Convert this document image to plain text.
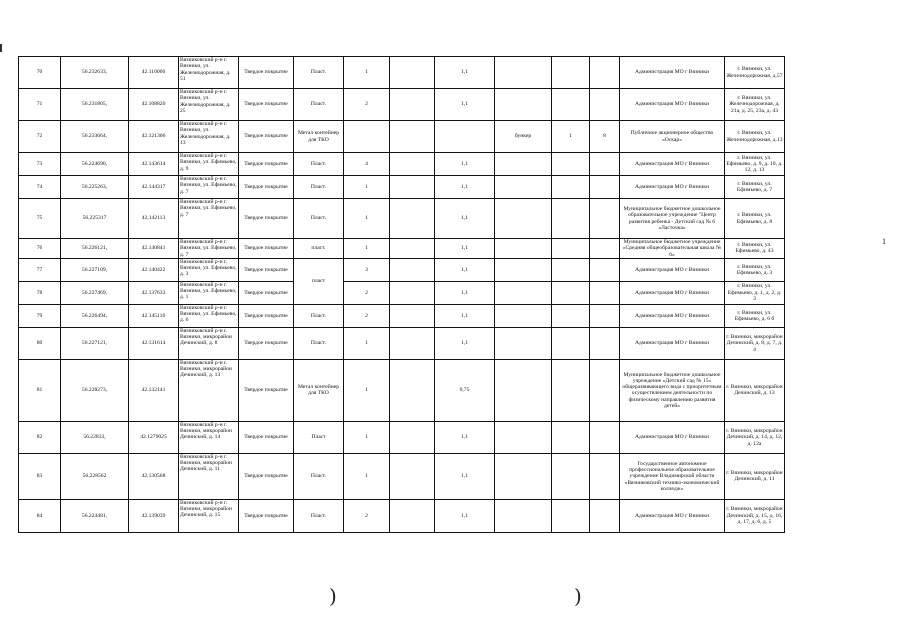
1
70	56.232633,	42.110060	Вязниковский р-н г. Вязники, ул. Железнодорожная, д. 51	Твердое покрытие	Пласт.	1		1,1				Администрация МО г Вязники	г. Вязники, ул. Железнодорожная, д.57
71	56.231805,	42.108820	Вязниковский р-н г. Вязники, ул. Железнодорожная, д. 25	Твердое покрытие	Пласт.	2		1,1				Администрация МО г Вязники	г. Вязники, ул. Железнодорожная, д. 21а, д. 25, 23а, д. 43
72	56.233664,	42.121306	Вязниковский р-н г. Вязники, ул. Железнодорожная, д. 13	Твердое покрытие	Метал контейнер для ТКО				бункер	1	8	Публичное акционерное общество «Оскар»	г. Вязники, ул. Железнодорожная, д.13
73	56.224690,	42.143614	Вязниковский р-н г. Вязники, ул. Ефимьево, д. 9	Твердое покрытие	Пласт.	4		1,1				Администрация МО г Вязники	г. Вязники, ул. Ефимьево, д. 9, д. 10, д. 12, д. 13
74	56.225263,	42.144317	Вязниковский р-н г. Вязники, ул. Ефимьево, д. 7	Твердое покрытие	Пласт.	1		1,1				Администрация МО г Вязники	г. Вязники, ул. Ефимьево, д. 7
75	56,225317	42,142113	Вязниковский р-н г. Вязники, ул. Ефимьево, д. 7	Твердое покрытие	Пласт.	1		1,1				Муниципальное бюджетное дошкольное образовательное учреждение "Центр развития ребенка - Детский сад № 6 «Ласточка»	г. Вязники, ул. Ефимьево, д. 8
76	56.226121,	42.140841	Вязниковский р-н г. Вязники, ул. Ефимьево, д. 7	Твердое покрытие	пласт.	1		1,1				Муниципальное бюджетное учреждение «Средняя общеобразовательная школа № 6»	г. Вязники, ул. Ефимьево, д. 43
77	56.227109,	42.140422	Вязниковский р-н г. Вязники, ул. Ефимьево, д. 3	Твердое покрытие	пласт	3		1,1				Администрация МО г Вязники	г. Вязники, ул. Ефимьево, д. 3
78	56.227469,	42.137633	Вязниковский р-н г. Вязники, ул. Ефимьево, д. 1	Твердое покрытие		2		1,1				Администрация МО г Вязники	г. Вязники, ул. Ефимьево, д. 1, д. 2, д. 3
79	56.226494,	42.145116	Вязниковский р-н г. Вязники, ул. Ефимьево, д. 6	Твердое покрытие	Пласт.	2		1,1				Администрация МО г Вязники	г. Вязники, ул. Ефимьево, д. 6 б
80	56.227121,	42.131614	Вязниковский р-н г. Вязники, микрорайон Дечинский, д. 8	Твердое покрытие	Пласт.	1		1,1				Администрация МО г Вязники	г. Вязники, микрорайон Дечинский, д. 8, д. 7, д. 4
81	56.228273,	42.132141	Вязниковский р-н г. Вязники, микрорайон Дечинский, д. 13	Твердое покрытие	Метал контейнер для ТКО	1		0,75				Муниципальное бюджетное дошкольное учреждение «Детский сад № 15» общеразвивающего вида с приоритетным осуществлением деятельности по физическому направлению развития детей»	г. Вязники, микрорайон Дечинский, д. 13
82	56.22833,	42.1279025	Вязниковский р-н г. Вязники, микрорайон Дечинский, д. 14	Твердое покрытие	Пласт	1		1,1				Администрация МО г Вязники	г. Вязники, микрорайон Дечинский, д. 14, д. 12, д. 12а
83	56,228562	42,130568	Вязниковский р-н г. Вязники, микрорайон Дечинский, д. 11	Твердое покрытие	Пласт.	1		1,1				Государственное автономное профессиональное образовательное учреждение Владимирской области «Вязниковский технико-экономический колледж»	г. Вязники, микрорайон Дечинский, д. 11
84	56.224481,	42.139039	Вязниковский р-н г. Вязники, микрорайон Дечинский, д. 15	Твердое покрытие	Пласт.	2		1,1				Администрация МО г Вязники	г. Вязники, микрорайон Дечинский, д. 15, д. 16, д. 17, д. 6, д. 5
)	)
